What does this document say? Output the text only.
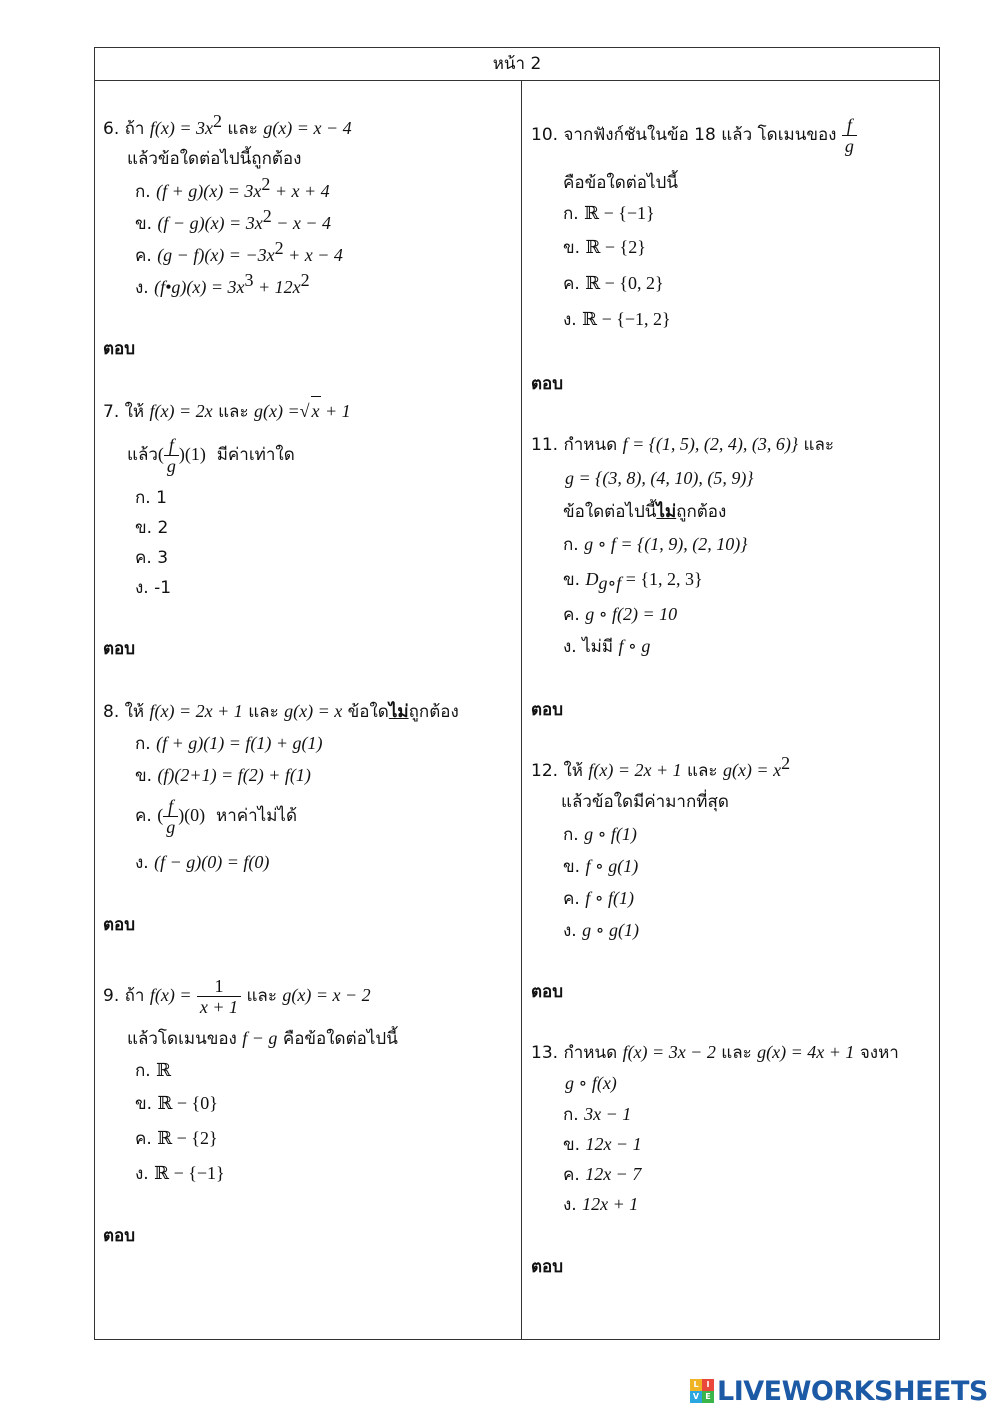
หน้า 2
6. ถ้า $f(x) = 3x^2$ และ g(x) = x − 4
แล้วข้อใดต่อไปนี้ถูกต้อง
ก. $(f + g)(x) = 3x^2 + x + 4$
ข. $(f - g)(x) = 3x^2 - x - 4$
ค. $(g - f)(x) = -3x^2 + x - 4$
ง. (f•g)(x) = $3x^3 + 12x^2$
ตอบ
7. ให้ f(x) = 2x และ g(x) =√ x + 1
แล้ว( $\frac{f}{g} )(1)$ มีค่าเท่าใด
ก. 1
ข. 2
ค. 3
ง. -1
ตอบ
8. ให้ f(x) = 2x + 1 และ g(x) = x ข้อใดไม่ถูกต้อง
ก. (f + g)(1) = f(1) + g(1)
ข. (f)(2+1) = f(2) + f(1)
ค. ( $\frac{f}{g} )(0)$ หาค่าไม่ได้
ง. (f − g)(0) = f(0)
ตอบ
9. ถ้า $f(x) = \frac{1}{x + 1}$ และ g(x) = x − 2
แล้วโดเมนของ f − g คือข้อใดต่อไปนี้
ก. ℝ
ข. ℝ − {0}
ค. ℝ − {2}
ง. ℝ − {−1}
ตอบ
10. จากฟังก์ชันในข้อ 18 แล้ว โดเมนของ $\frac{f}{g}$
คือข้อใดต่อไปนี้
ก. ℝ − {−1}
ข. ℝ − {2}
ค. ℝ − {0, 2}
ง. ℝ − {−1, 2}
ตอบ
11. กำหนด f = {(1, 5), (2, 4), (3, 6)} และ
g = {(3, 8), (4, 10), (5, 9)}
ข้อใดต่อไปนี้ไม่ถูกต้อง
ก. g ∘ f = {(1, 9), (2, 10)}
ข. $D_{g\circ f} = \{1$, 2, 3}
ค. g ∘ f(2) = 10
ง. ไม่มี f ∘ g
ตอบ
12. ให้ f(x) = 2x + 1 และ $g(x) = x^2$
แล้วข้อใดมีค่ามากที่สุด
ก. g ∘ f(1)
ข. f ∘ g(1)
ค. f ∘ f(1)
ง. g ∘ g(1)
ตอบ
13. กำหนด f(x) = 3x − 2 และ g(x) = 4x + 1 จงหา
g ∘ f(x)
ก. 3x − 1
ข. 12x − 1
ค. 12x − 7
ง. 12x + 1
ตอบ
L I
V E LIVEWORKSHEETS
